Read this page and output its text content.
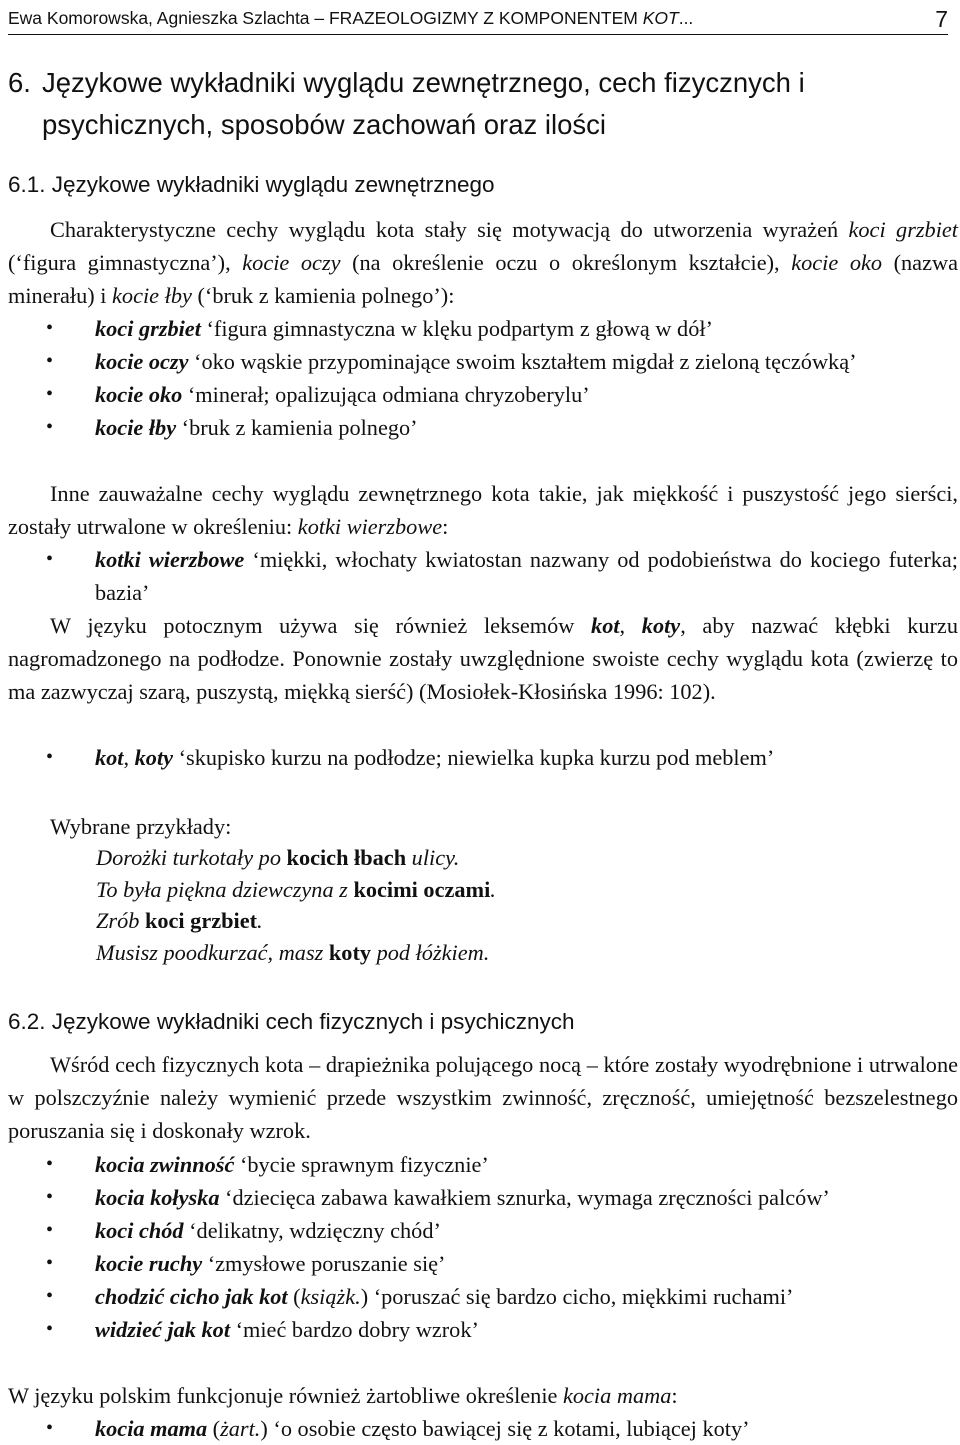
Ewa Komorowska, Agnieszka Szlachta – FRAZEOLOGIZMY Z KOMPONENTEM KOT...	7
6. Językowe wykładniki wyglądu zewnętrznego, cech fizycznych i
psychicznych, sposobów zachowań oraz ilości
6.1. Językowe wykładniki wyglądu zewnętrznego
Charakterystyczne cechy wyglądu kota stały się motywacją do utworzenia wyrażeń koci grzbiet (‘figura gimnastyczna’), kocie oczy (na określenie oczu o określonym kształcie), kocie oko (nazwa minerału) i kocie łby (‘bruk z kamienia polnego’):
• koci grzbiet ‘figura gimnastyczna w klęku podpartym z głową w dół’
• kocie oczy ‘oko wąskie przypominające swoim kształtem migdał z zieloną tęczówką’
• kocie oko ‘minerał; opalizująca odmiana chryzoberylu’
• kocie łby ‘bruk z kamienia polnego’
Inne zauważalne cechy wyglądu zewnętrznego kota takie, jak miękkość i puszystość jego sierści, zostały utrwalone w określeniu: kotki wierzbowe:
• kotki wierzbowe ‘miękki, włochaty kwiatostan nazwany od podobieństwa do kociego futerka; bazia’
W języku potocznym używa się również leksemów kot, koty, aby nazwać kłębki kurzu nagromadzonego na podłodze. Ponownie zostały uwzględnione swoiste cechy wyglądu kota (zwierzę to ma zazwyczaj szarą, puszystą, miękką sierść) (Mosiołek-Kłosińska 1996: 102).
• kot, koty ‘skupisko kurzu na podłodze; niewielka kupka kurzu pod meblem’
Wybrane przykłady:
Dorożki turkotały po kocich łbach ulicy.
To była piękna dziewczyna z kocimi oczami.
Zrób koci grzbiet.
Musisz poodkurzać, masz koty pod łóżkiem.
6.2. Językowe wykładniki cech fizycznych i psychicznych
Wśród cech fizycznych kota – drapieżnika polującego nocą – które zostały wyodrębnione i utrwalone w polszczyźnie należy wymienić przede wszystkim zwinność, zręczność, umiejętność bezszelestnego poruszania się i doskonały wzrok.
• kocia zwinność ‘bycie sprawnym fizycznie’
• kocia kołyska ‘dziecięca zabawa kawałkiem sznurka, wymaga zręczności palców’
• koci chód ‘delikatny, wdzięczny chód’
• kocie ruchy ‘zmysłowe poruszanie się’
• chodzić cicho jak kot (książk.) ‘poruszać się bardzo cicho, miękkimi ruchami’
• widzieć jak kot ‘mieć bardzo dobry wzrok’
W języku polskim funkcjonuje również żartobliwe określenie kocia mama:
• kocia mama (żart.) ‘o osobie często bawiącej się z kotami, lubiącej koty’
